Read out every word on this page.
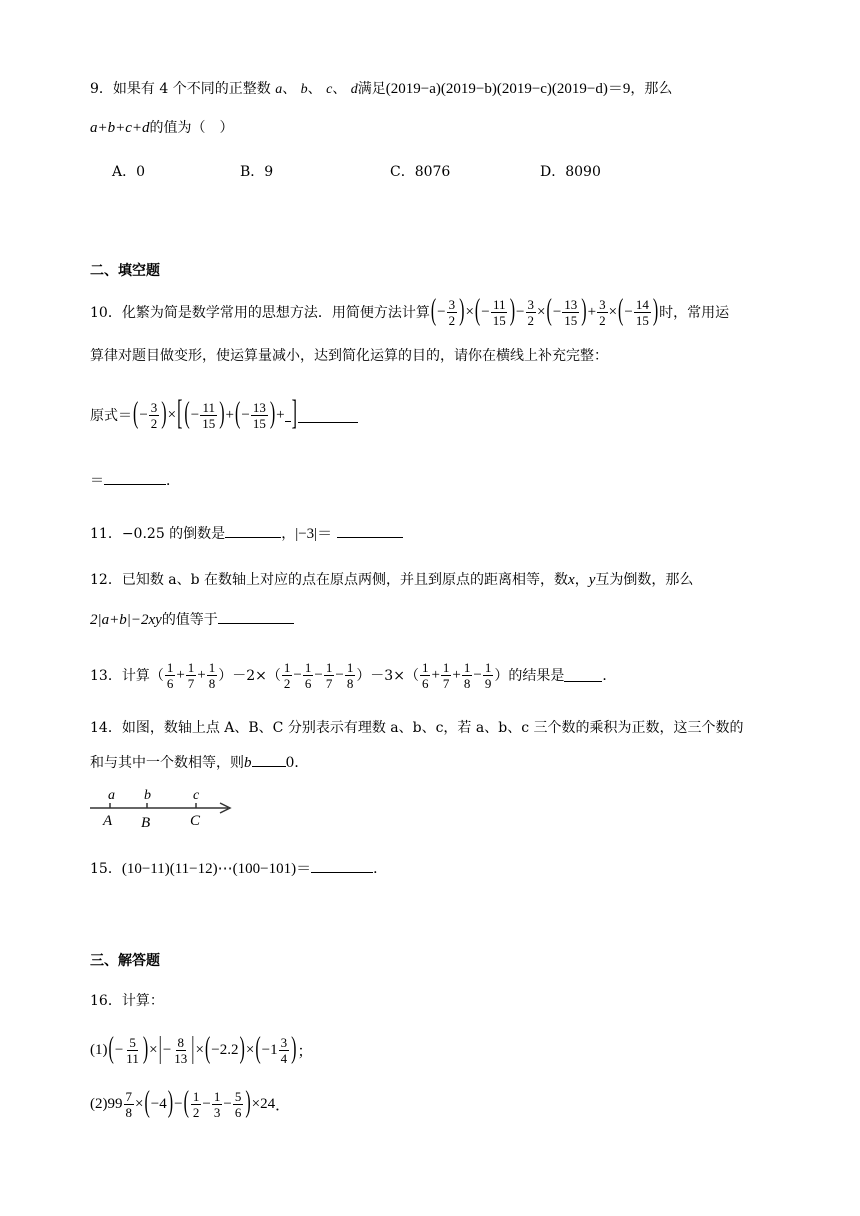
9．如果有 4 个不同的正整数 a、 b、 c、 d满足(2019−a)(2019−b)(2019−c)(2019−d)＝9，那么
a+b+c+d的值为（　）
A．0	B．9	C．8076	D．8090
二、填空题
10． 化繁为简是数学常用的思想方法．用简便方法计算 ( − $\frac{3}{2}$ ) × ( − $\frac{11}{15}$ ) − $\frac{3}{2}$ × ( − $\frac{13}{15}$ ) + $\frac{3}{2}$ × ( − $\frac{14}{15}$ ) 时，常用运
算律对题目做变形，使运算量减小，达到简化运算的目的，请你在横线上补充完整：
原式＝ ( − $\frac{3}{2}$ ) × [ ( − $\frac{11}{15}$ ) + ( − $\frac{13}{15}$ ) + ]
＝	．
11．−0.25 的倒数是	，|−3|＝
12．已知数 a、b 在数轴上对应的点在原点两侧，并且到原点的距离相等，数x，y互为倒数，那么
2|a+b|−2xy的值等于
13． 计算（ $\frac{1}{6} + \frac{1}{7} + \frac{1}{8} )-2\times( \frac{1}{2} - \frac{1}{6} - \frac{1}{7} - \frac{1}{8} )-3\times( \frac{1}{6} + \frac{1}{7} + \frac{1}{8} - \frac{1}{9}$ ）的结果是	．
14．如图，数轴上点 A、B、C 分别表示有理数 a、b、c，若 a、b、c 三个数的乘积为正数，这三个数的
和与其中一个数相等，则b 0．
a b	c
A B	C
15．(10−11)(11−12)⋯(100−101)＝	．
三、解答题
16．计算：
(1) ( − $\frac{5}{11}$ ) × | − $\frac{8}{13}$ | × ( −2.2 ) × ( $-1 \frac{3}{4}$ ) ；
(2) $99 \frac{7}{8}$ × ( −4 ) − ( $\frac{1}{2} - \frac{1}{3} - \frac{5}{6}$ ) ×24 ．
